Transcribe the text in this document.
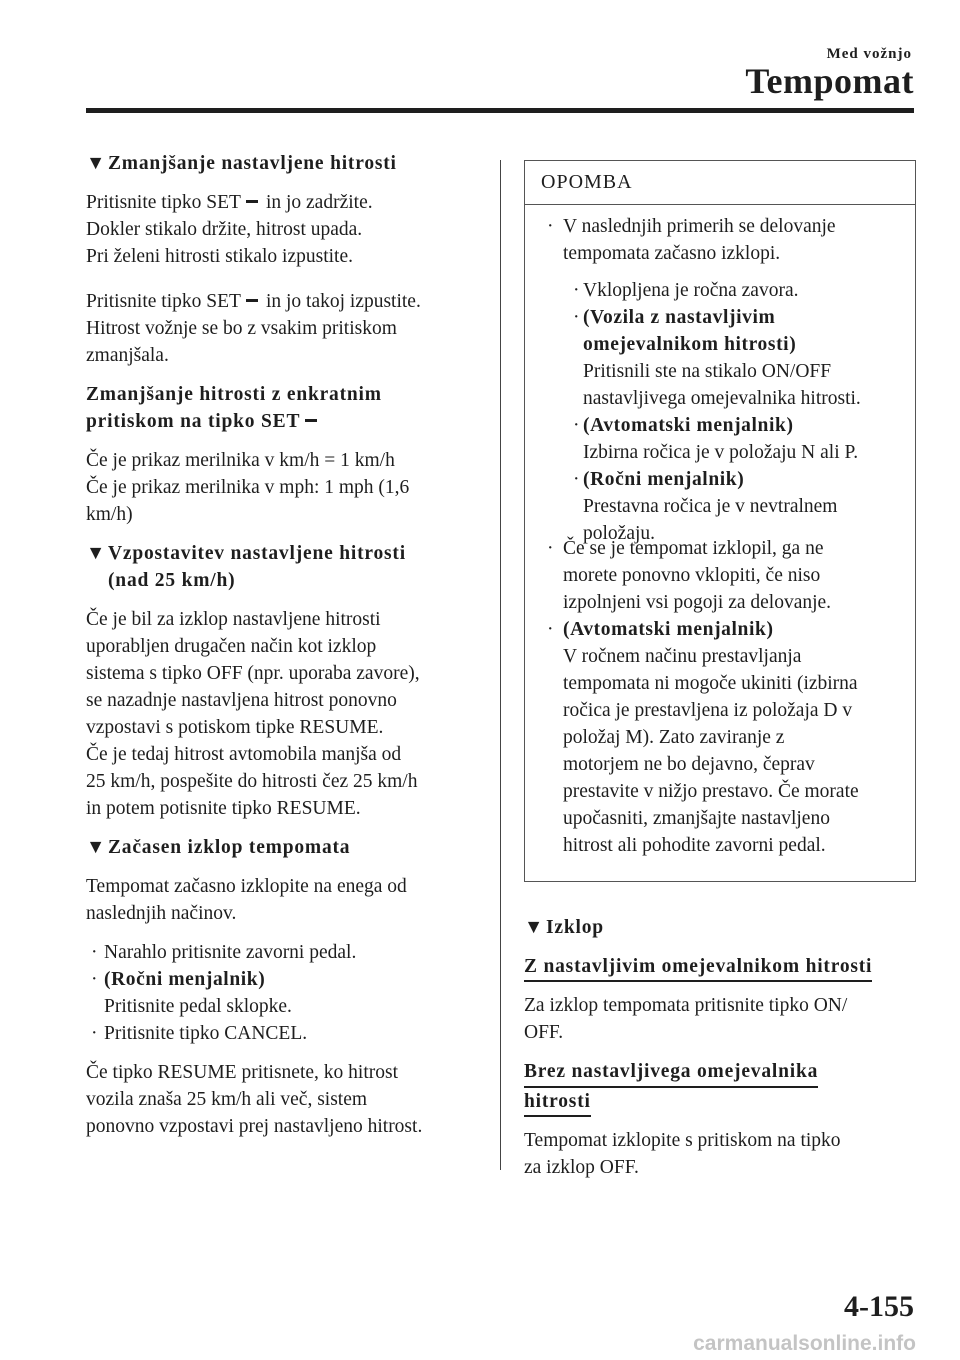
Med vožnjo
Tempomat
▼ Zmanjšanje nastavljene hitrosti

Pritisnite tipko SET in jo zadržite.
Dokler stikalo držite, hitrost upada.
Pri želeni hitrosti stikalo izpustite.

Pritisnite tipko SET in jo takoj izpustite.
Hitrost vožnje se bo z vsakim pritiskom
zmanjšala.

Zmanjšanje hitrosti z enkratnim
pritiskom na tipko SET

Če je prikaz merilnika v km/h = 1 km/h
Če je prikaz merilnika v mph: 1 mph (1,6
km/h)

▼ Vzpostavitev nastavljene hitrosti
(nad 25 km/h)

Če je bil za izklop nastavljene hitrosti
uporabljen drugačen način kot izklop
sistema s tipko OFF (npr. uporaba zavore),
se nazadnje nastavljena hitrost ponovno
vzpostavi s potiskom tipke RESUME.
Če je tedaj hitrost avtomobila manjša od
25 km/h, pospešite do hitrosti čez 25 km/h
in potem potisnite tipko RESUME.

▼ Začasen izklop tempomata

Tempomat začasno izklopite na enega od
naslednjih načinov.

· Narahlo pritisnite zavorni pedal.
· (Ročni menjalnik)
Pritisnite pedal sklopke.
· Pritisnite tipko CANCEL.

Če tipko RESUME pritisnete, ko hitrost
vozila znaša 25 km/h ali več, sistem
ponovno vzpostavi prej nastavljeno hitrost.

OPOMBA
· V naslednjih primerih se delovanje
tempomata začasno izklopi.
· Vklopljena je ročna zavora.
· (Vozila z nastavljivim
omejevalnikom hitrosti)
Pritisnili ste na stikalo ON/OFF
nastavljivega omejevalnika hitrosti.
· (Avtomatski menjalnik)
Izbirna ročica je v položaju N ali P.
· (Ročni menjalnik)
Prestavna ročica je v nevtralnem
položaju.
· Če se je tempomat izklopil, ga ne
morete ponovno vklopiti, če niso
izpolnjeni vsi pogoji za delovanje.
· (Avtomatski menjalnik)
V ročnem načinu prestavljanja
tempomata ni mogoče ukiniti (izbirna
ročica je prestavljena iz položaja D v
položaj M). Zato zaviranje z
motorjem ne bo dejavno, čeprav
prestavite v nižjo prestavo. Če morate
upočasniti, zmanjšajte nastavljeno
hitrost ali pohodite zavorni pedal.
▼ Izklop
Z nastavljivim omejevalnikom hitrosti

Za izklop tempomata pritisnite tipko ON/
OFF.

Brez nastavljivega omejevalnika
hitrosti

Tempomat izklopite s pritiskom na tipko
za izklop OFF.

4-155
carmanualsonline.info
